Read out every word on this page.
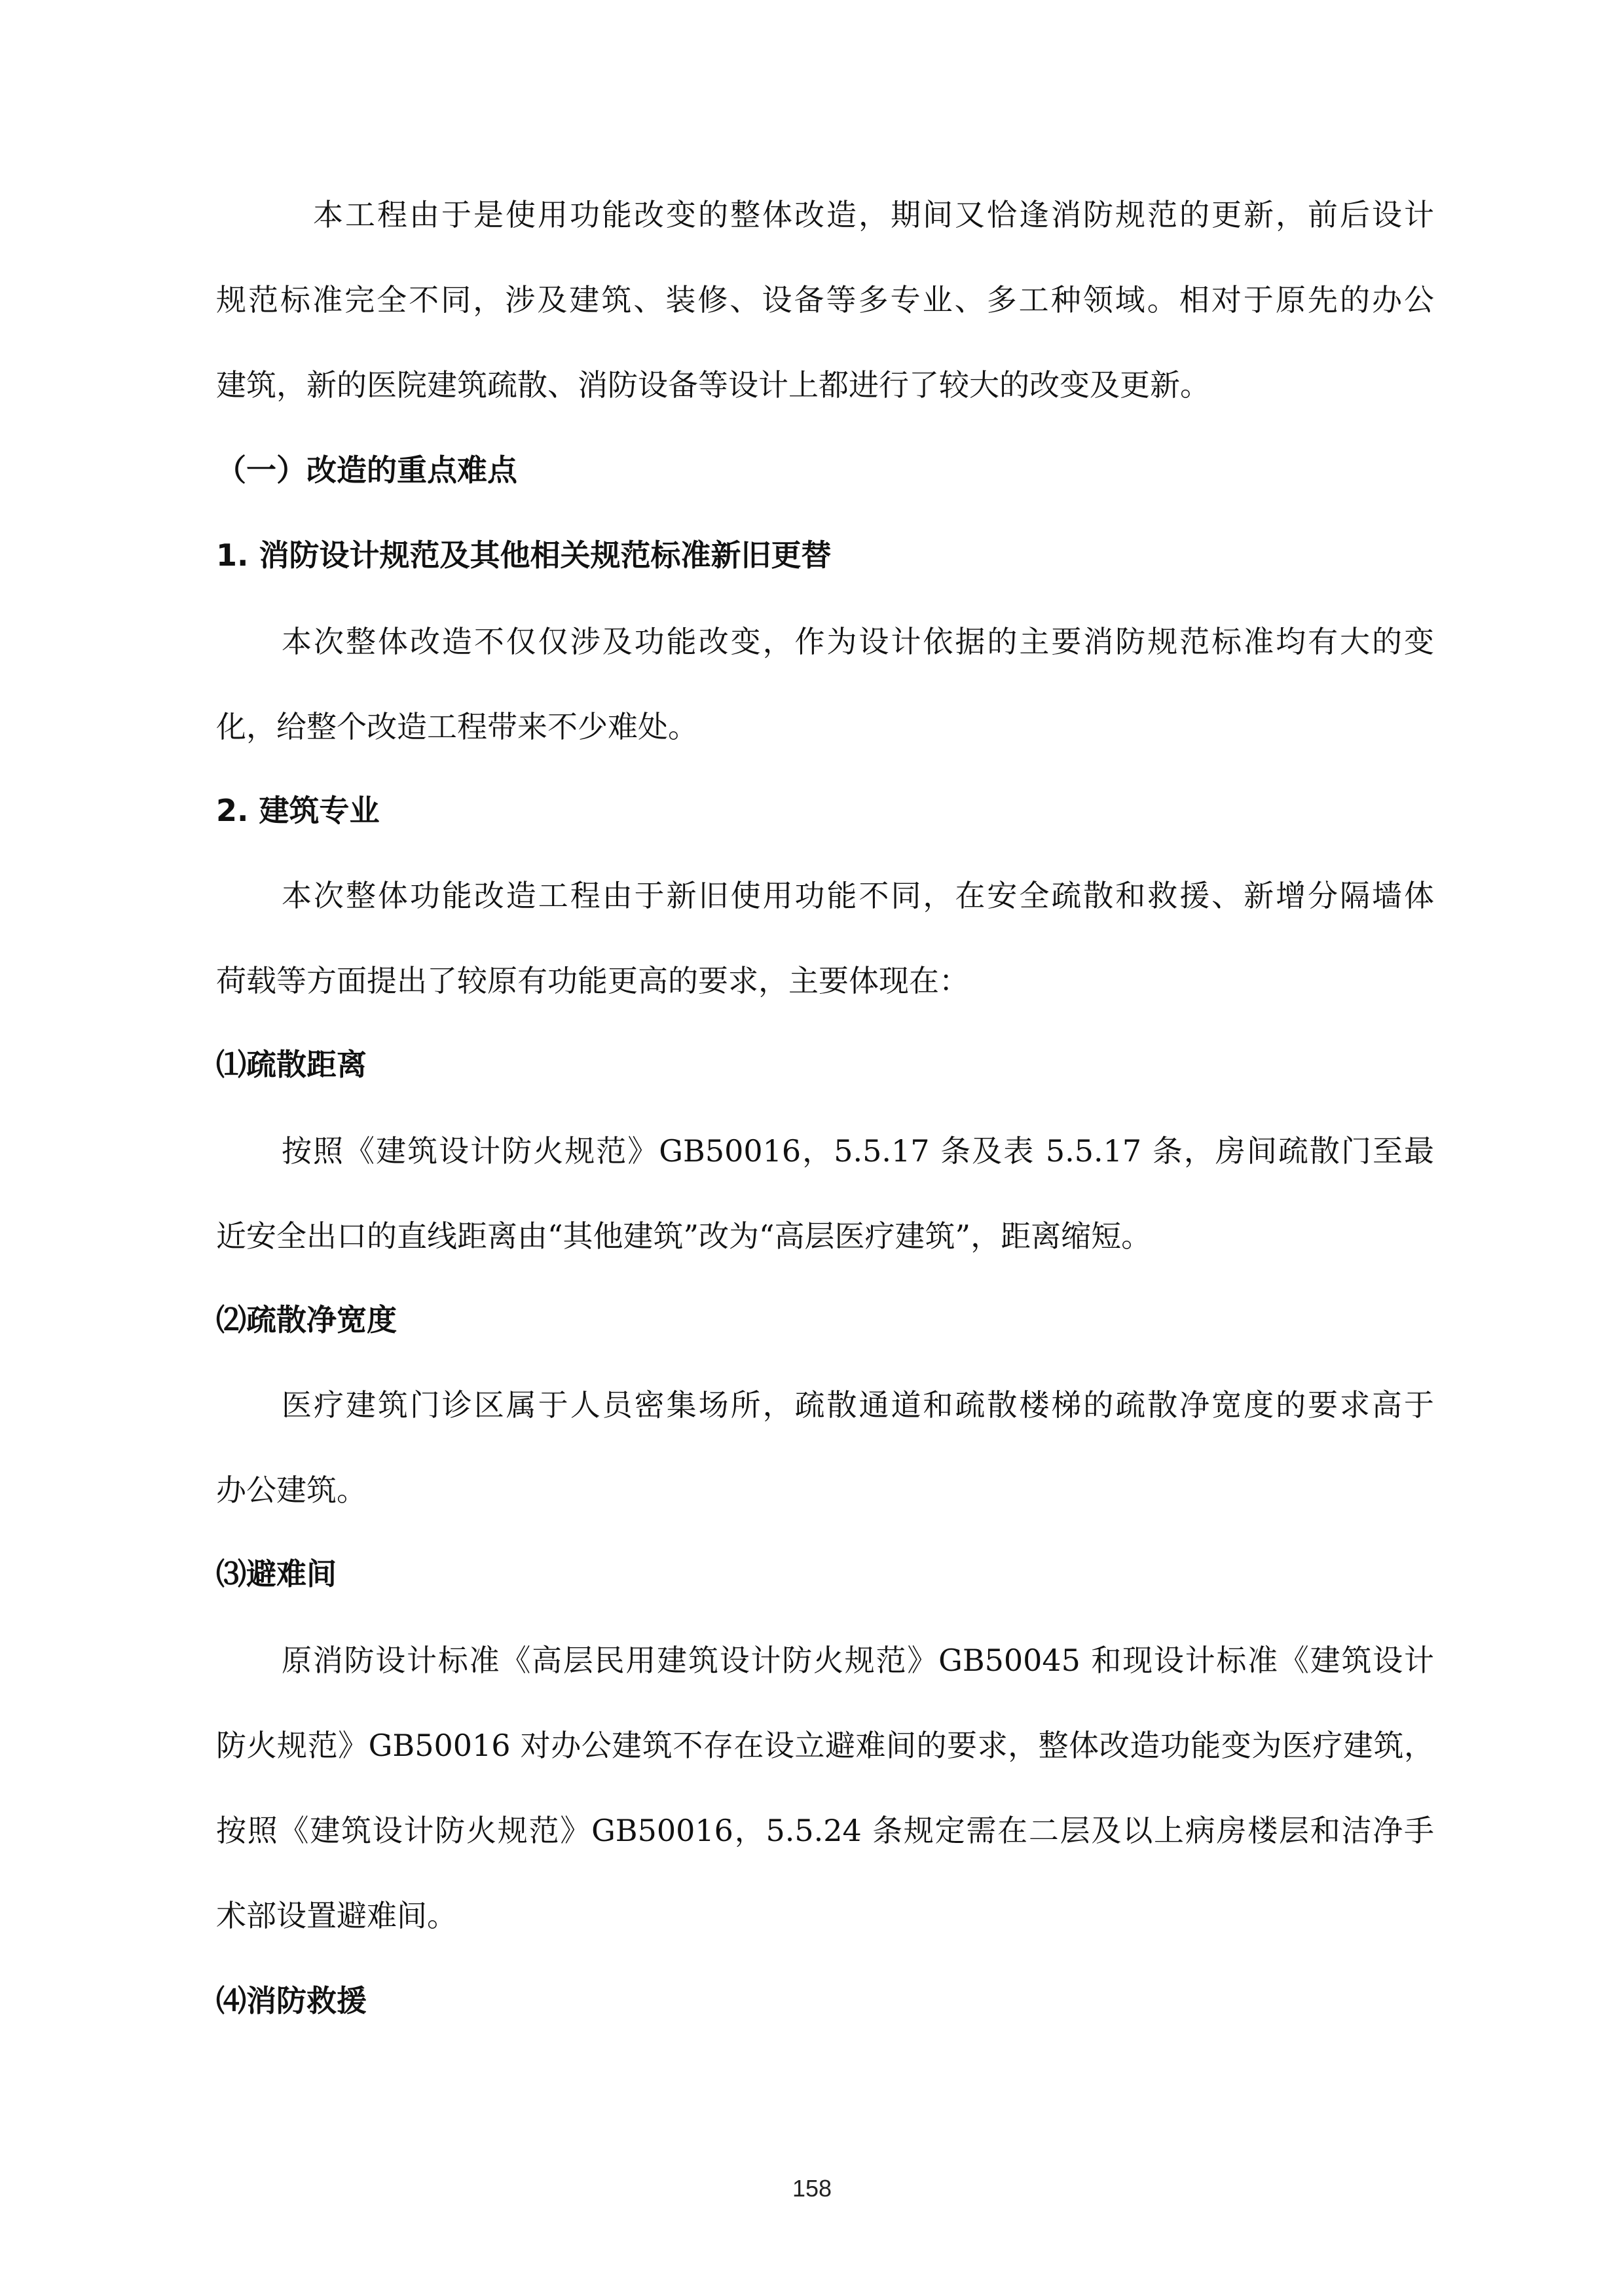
本工程由于是使用功能改变的整体改造，期间又恰逢消防规范的更新，前后设计
规范标准完全不同，涉及建筑、装修、设备等多专业、多工种领域。相对于原先的办公
建筑，新的医院建筑疏散、消防设备等设计上都进行了较大的改变及更新。
（一）改造的重点难点
1. 消防设计规范及其他相关规范标准新旧更替
本次整体改造不仅仅涉及功能改变，作为设计依据的主要消防规范标准均有大的变
化，给整个改造工程带来不少难处。
2. 建筑专业
本次整体功能改造工程由于新旧使用功能不同，在安全疏散和救援、新增分隔墙体
荷载等方面提出了较原有功能更高的要求，主要体现在：
⑴疏散距离
按照《建筑设计防火规范》GB50016，5.5.17 条及表 5.5.17 条，房间疏散门至最
近安全出口的直线距离由“其他建筑”改为“高层医疗建筑”，距离缩短。
⑵疏散净宽度
医疗建筑门诊区属于人员密集场所，疏散通道和疏散楼梯的疏散净宽度的要求高于
办公建筑。
⑶避难间
原消防设计标准《高层民用建筑设计防火规范》GB50045 和现设计标准《建筑设计
防火规范》GB50016 对办公建筑不存在设立避难间的要求，整体改造功能变为医疗建筑，
按照《建筑设计防火规范》GB50016，5.5.24 条规定需在二层及以上病房楼层和洁净手
术部设置避难间。
⑷消防救援
158
